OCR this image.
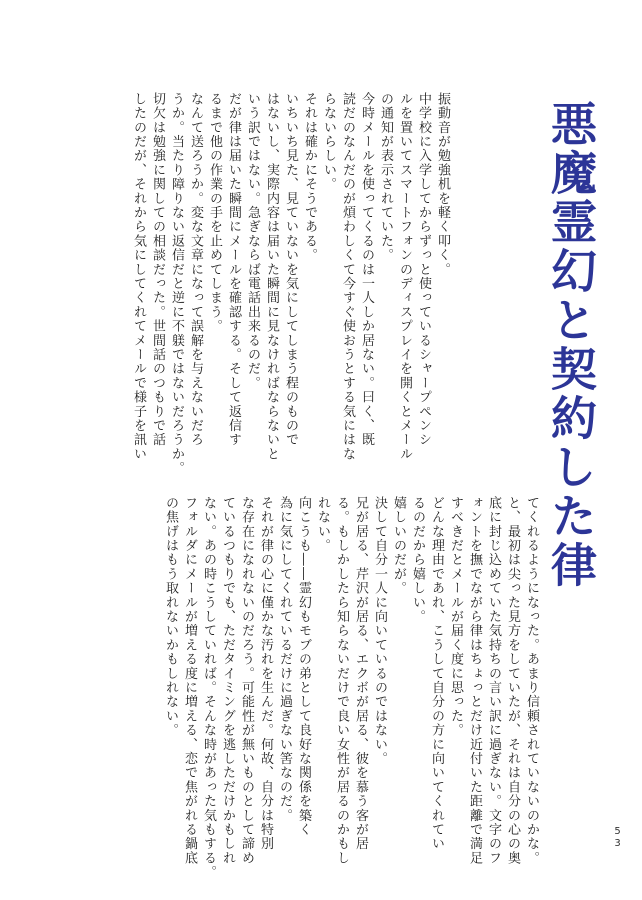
悪魔霊幻と契約した律

振動音が勉強机を軽く叩く。
中学校に入学してからずっと使っているシャープペンシ
ルを置いてスマートフォンのディスプレイを開くとメール
の通知が表示されていた。
今時メールを使ってくるのは一人しか居ない。曰く、既
読だのなんだのが煩わしくて今すぐ使おうとする気にはな
らないらしい。
それは確かにそうである。
いちいち見た、見ていないを気にしてしまう程のもので
はないし、実際内容は届いた瞬間に見なければならないと
いう訳ではない。急ぎならば電話出来るのだ。
だが律は届いた瞬間にメールを確認する。そして返信す
るまで他の作業の手を止めてしまう。
なんて送ろうか。変な文章になって誤解を与えないだろ
うか。当たり障りない返信だと逆に不躾ではないだろうか。
切欠は勉強に関しての相談だった。世間話のつもりで話
したのだが、それから気にしてくれてメールで様子を訊い

てくれるようになった。あまり信頼されていないのかな。
と、最初は尖った見方をしていたが、それは自分の心の奥
底に封じ込めていた気持ちの言い訳に過ぎない。文字のフ
ォントを撫でながら律はちょっとだけ近付いた距離で満足
すべきだとメールが届く度に思った。
どんな理由であれ、こうして自分の方に向いてくれてい
るのだから嬉しい。
嬉しいのだが。
決して自分一人に向いているのではない。
兄が居る、芹沢が居る、エクボが居る、彼を慕う客が居
る。もしかしたら知らないだけで良い女性が居るのかもし
れない。
向こうも――霊幻もモブの弟として良好な関係を築く
為に気にしてくれているだけに過ぎない筈なのだ。
それが律の心に僅かな汚れを生んだ。何故、自分は特別
な存在になれないのだろう。可能性が無いものとして諦め
ているつもりでも、ただタイミングを逃しただけかもしれ
ない。あの時こうしていれば。そんな時があった気もする。
フォルダにメールが増える度に増える、恋で焦がれる鍋底
の焦げはもう取れないかもしれない。

53
